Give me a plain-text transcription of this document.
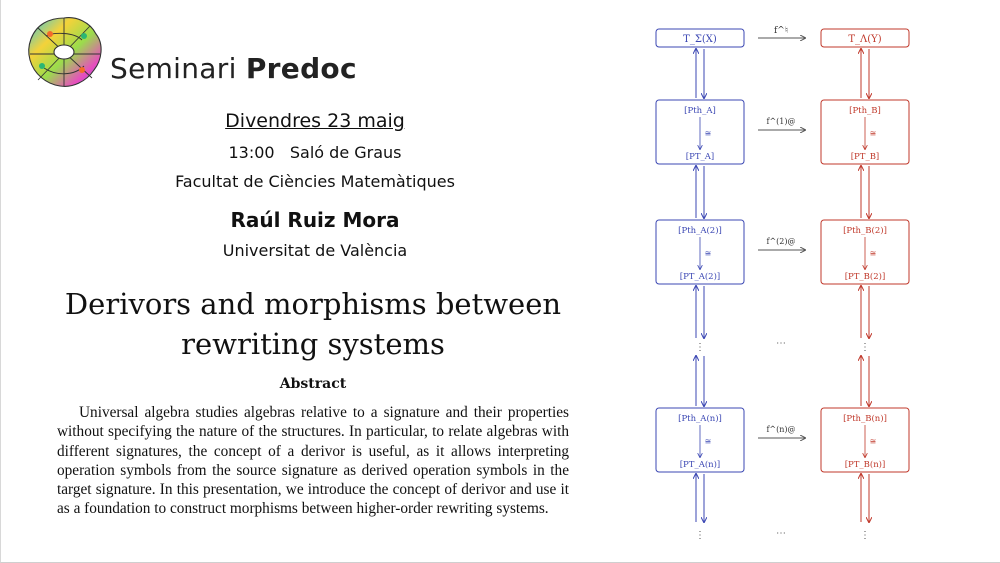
Seminari Predoc
Divendres 23 maig
13:00 Saló de Graus
Facultat de Ciències Matemàtiques
Raúl Ruiz Mora
Universitat de València
Derivors and morphisms between
rewriting systems
Abstract
Universal algebra studies algebras relative to a signature and their properties without specifying the nature of the structures. In particular, to relate algebras with different signatures, the concept of a derivor is useful, as it allows interpreting operation symbols from the source signature as derived operation symbols in the target signature. In this presentation, we introduce the concept of derivor and use it as a foundation to construct morphisms between higher-order rewriting systems.
T_Σ(X)	T_Λ(Y)
f^♮
[Pth_A]
[PT_A]
[Pth_B]
[PT_B]
≅	≅
f^(1)@
[Pth_A(2)]
[PT_A(2)]
[Pth_B(2)]
[PT_B(2)]
≅	≅
f^(2)@
[Pth_A(n)]
[PT_A(n)]
[Pth_B(n)]
[PT_B(n)]
≅	≅
f^(n)@
⋮	⋮
⋯
⋮	⋮
⋯
